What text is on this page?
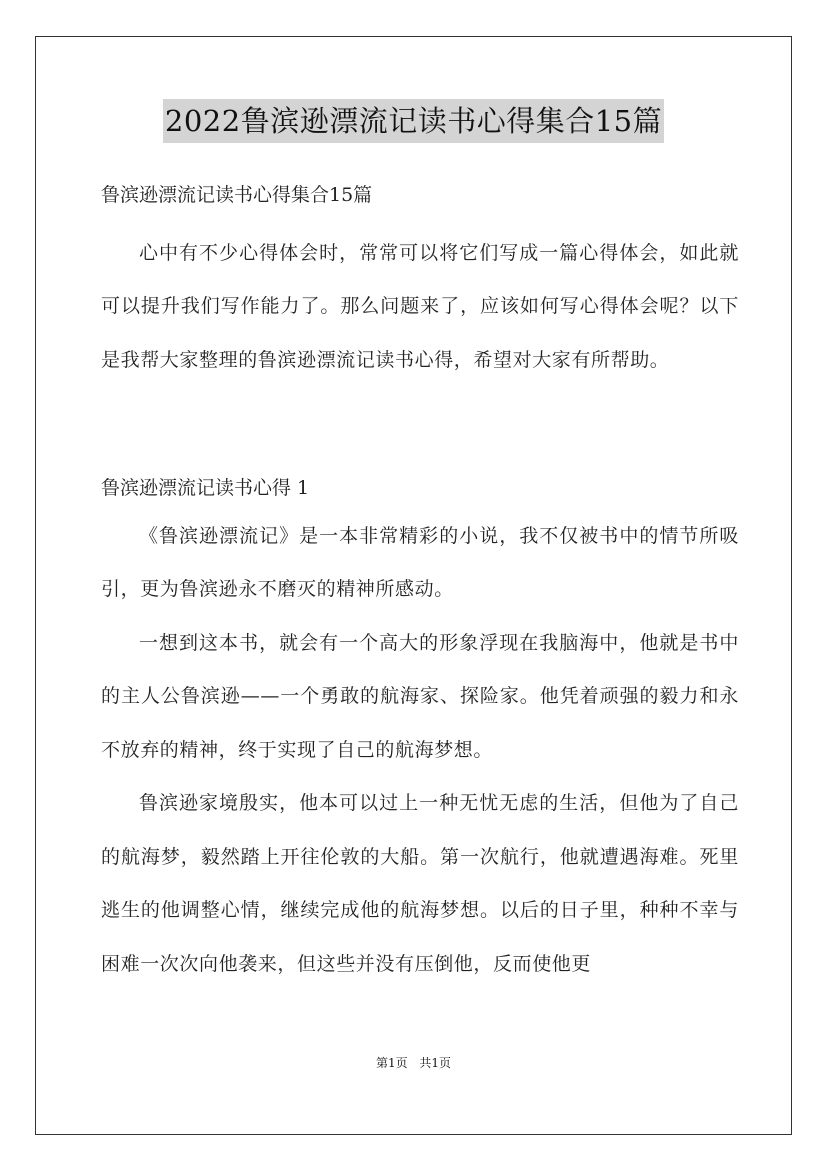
2022鲁滨逊漂流记读书心得集合15篇

鲁滨逊漂流记读书心得集合15篇

心中有不少心得体会时，常常可以将它们写成一篇心得体会，如此就可以提升我们写作能力了。那么问题来了，应该如何写心得体会呢？以下是我帮大家整理的鲁滨逊漂流记读书心得，希望对大家有所帮助。

鲁滨逊漂流记读书心得 1

《鲁滨逊漂流记》是一本非常精彩的小说，我不仅被书中的情节所吸引，更为鲁滨逊永不磨灭的精神所感动。

一想到这本书，就会有一个高大的形象浮现在我脑海中，他就是书中的主人公鲁滨逊——一个勇敢的航海家、探险家。他凭着顽强的毅力和永不放弃的精神，终于实现了自己的航海梦想。

鲁滨逊家境殷实，他本可以过上一种无忧无虑的生活，但他为了自己的航海梦，毅然踏上开往伦敦的大船。第一次航行，他就遭遇海难。死里逃生的他调整心情，继续完成他的航海梦想。以后的日子里，种种不幸与困难一次次向他袭来，但这些并没有压倒他，反而使他更

第1页 共1页
